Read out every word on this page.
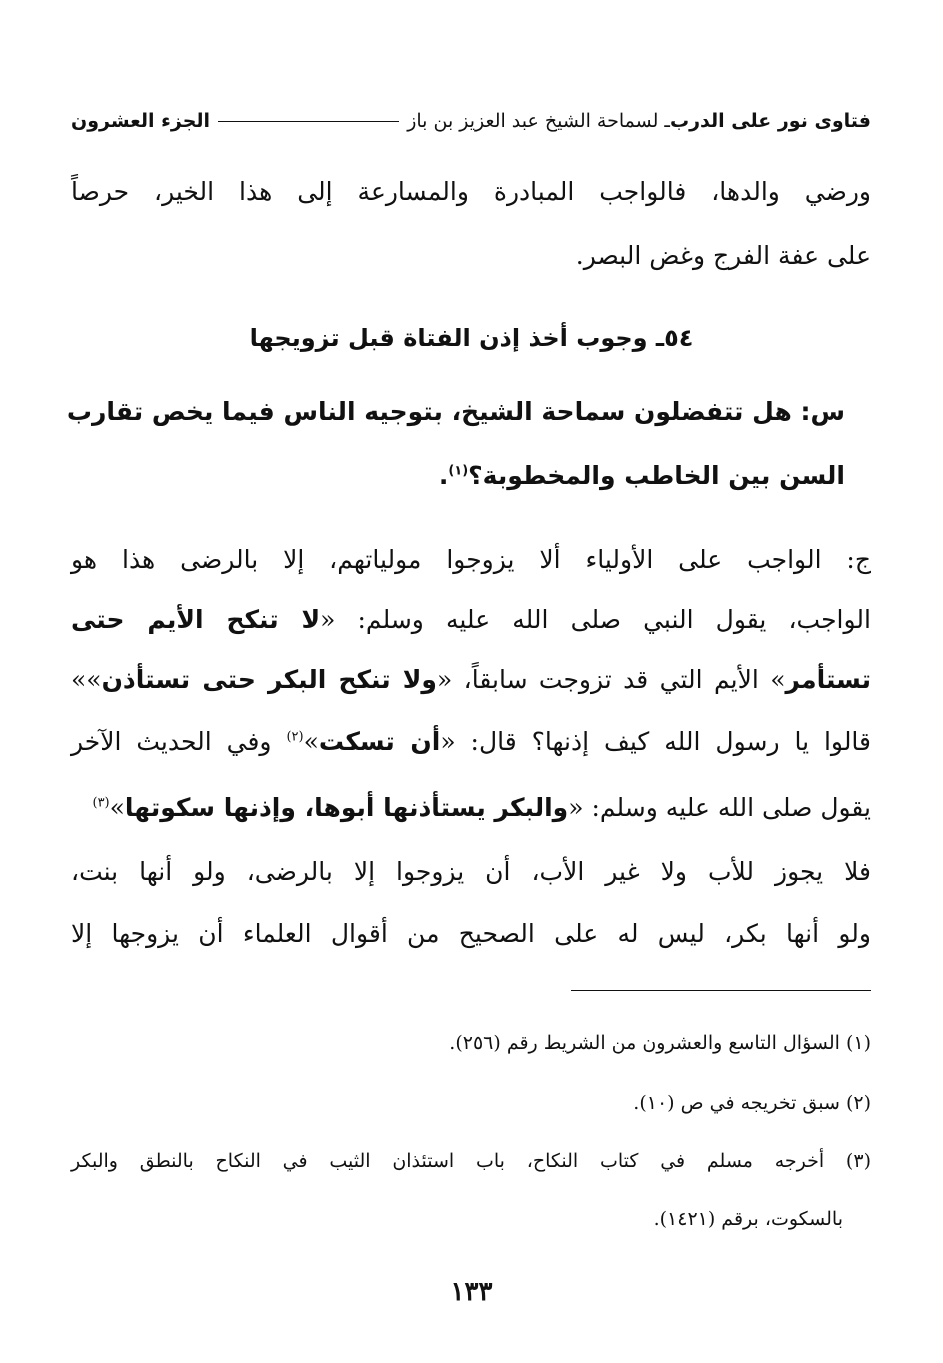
فتاوى نور على الدرب
ـ لسماحة الشيخ عبد العزيز بن باز
الجزء العشرون
ورضي والدها، فالواجب المبادرة والمسارعة إلى هذا الخير، حرصاً
على عفة الفرج وغض البصر.
٥٤ـ وجوب أخذ إذن الفتاة قبل تزويجها
س: هل تتفضلون سماحة الشيخ، بتوجيه الناس فيما يخص تقارب
السن بين الخاطب والمخطوبة؟$^{(١)}$.
ج: الواجب على الأولياء ألا يزوجوا مولياتهم، إلا بالرضى هذا هو
الواجب، يقول النبي صلى الله عليه وسلم: «لا تنكح الأيم حتى
تستأمر» الأيم التي قد تزوجت سابقاً، «ولا تنكح البكر حتى تستأذن»»
قالوا يا رسول الله كيف إذنها؟ قال: «أن تسكت»$^{(٢)}$ وفي الحديث الآخر
يقول صلى الله عليه وسلم: «والبكر يستأذنها أبوها، وإذنها سكوتها»$^{(٣)}$
فلا يجوز للأب ولا غير الأب، أن يزوجوا إلا بالرضى، ولو أنها بنت،
ولو أنها بكر، ليس له على الصحيح من أقوال العلماء أن يزوجها إلا
(١) السؤال التاسع والعشرون من الشريط رقم (٢٥٦).
(٢) سبق تخريجه في ص (١٠).
(٣) أخرجه مسلم في كتاب النكاح، باب استئذان الثيب في النكاح بالنطق والبكر
بالسكوت، برقم (١٤٢١).
١٣٣
